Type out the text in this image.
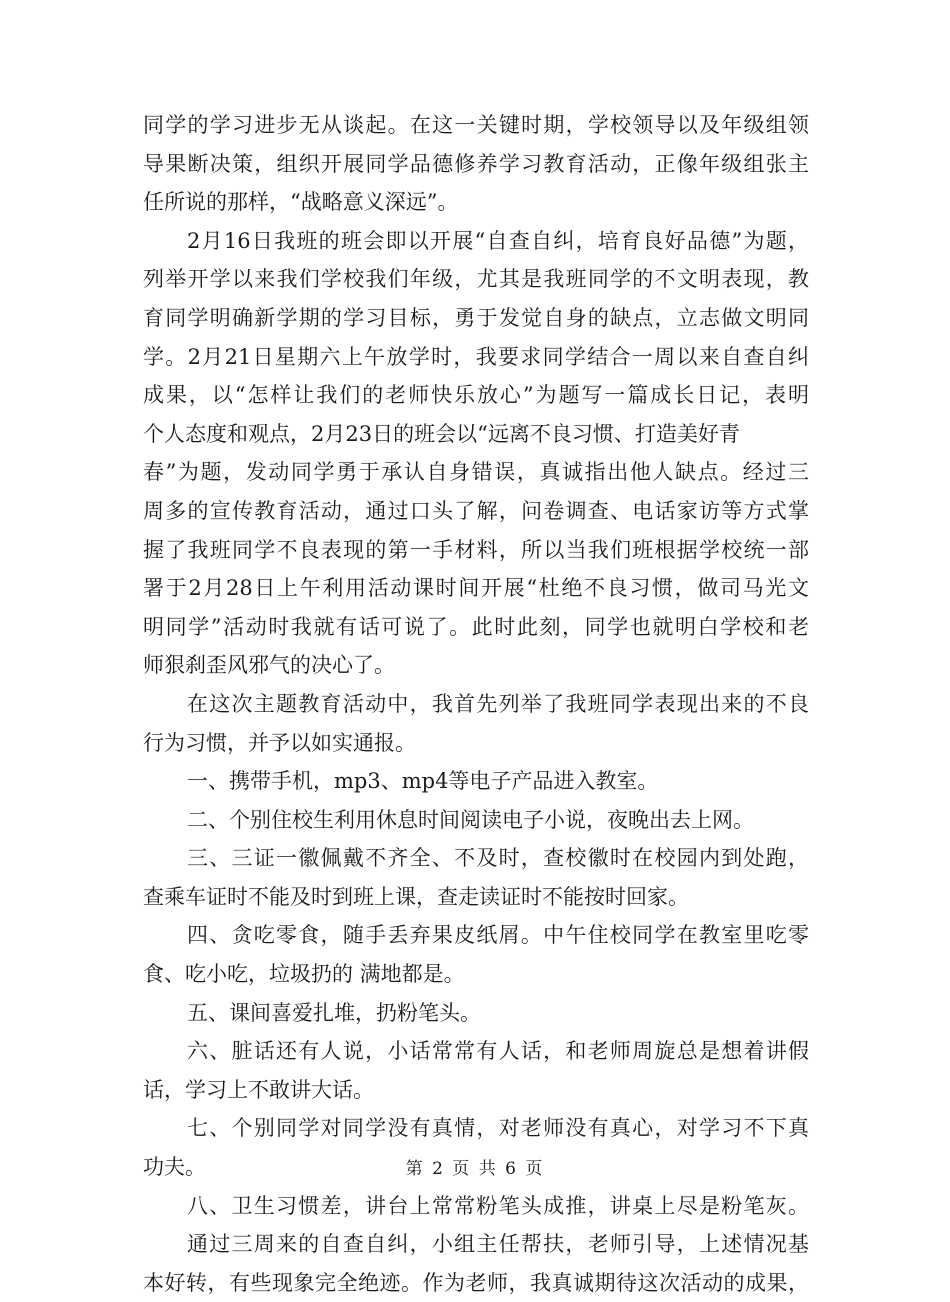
同学的学习进步无从谈起。在这一关键时期，学校领导以及年级组领
导果断决策，组织开展同学品德修养学习教育活动，正像年级组张主
任所说的那样，“战略意义深远”。
2月16日我班的班会即以开展“自查自纠，培育良好品德”为题，
列举开学以来我们学校我们年级，尤其是我班同学的不文明表现，教
育同学明确新学期的学习目标，勇于发觉自身的缺点，立志做文明同
学。2月21日星期六上午放学时，我要求同学结合一周以来自查自纠
成果，以“怎样让我们的老师快乐放心”为题写一篇成长日记，表明
个人态度和观点，2月23日的班会以“远离不良习惯、打造美好青
春”为题，发动同学勇于承认自身错误，真诚指出他人缺点。经过三
周多的宣传教育活动，通过口头了解，问卷调查、电话家访等方式掌
握了我班同学不良表现的第一手材料，所以当我们班根据学校统一部
署于2月28日上午利用活动课时间开展“杜绝不良习惯，做司马光文
明同学”活动时我就有话可说了。此时此刻，同学也就明白学校和老
师狠刹歪风邪气的决心了。
在这次主题教育活动中，我首先列举了我班同学表现出来的不良
行为习惯，并予以如实通报。
一、携带手机，mp3、mp4等电子产品进入教室。
二、个别住校生利用休息时间阅读电子小说，夜晚出去上网。
三、三证一徽佩戴不齐全、不及时，查校徽时在校园内到处跑，
查乘车证时不能及时到班上课，查走读证时不能按时回家。
四、贪吃零食，随手丢弃果皮纸屑。中午住校同学在教室里吃零
食、吃小吃，垃圾扔的 满地都是。
五、课间喜爱扎堆，扔粉笔头。
六、脏话还有人说，小话常常有人话，和老师周旋总是想着讲假
话，学习上不敢讲大话。
七、个别同学对同学没有真情，对老师没有真心，对学习不下真
功夫。
八、卫生习惯差，讲台上常常粉笔头成推，讲桌上尽是粉笔灰。
通过三周来的自查自纠，小组主任帮扶，老师引导，上述情况基
本好转，有些现象完全绝迹。作为老师，我真诚期待这次活动的成果，
第 2 页 共 6 页
